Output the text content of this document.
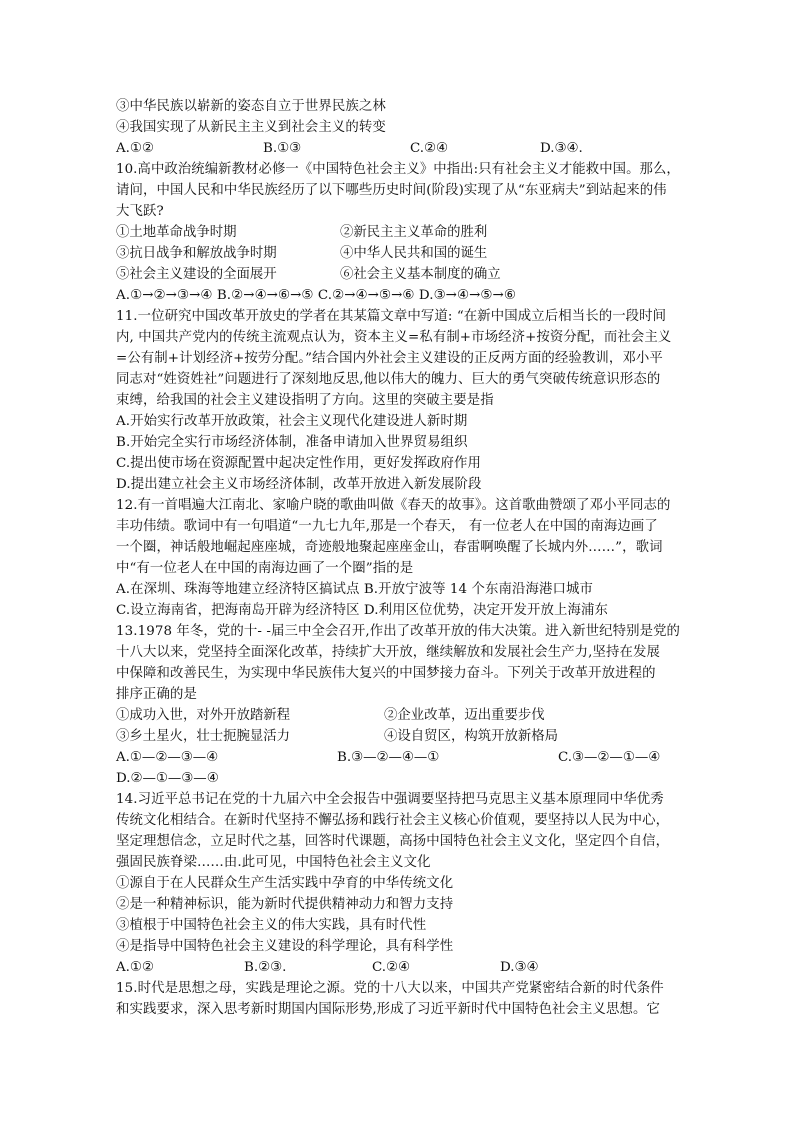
③中华民族以崭新的姿态自立于世界民族之林
④我国实现了从新民主主义到社会主义的转变
A.①②	B.①③	C.②④	D.③④.
10.高中政治统编新教材必修一《中国特色社会主义》中指出:只有社会主义才能救中国。那么，
请问，中国人民和中华民族经历了以下哪些历史时间(阶段)实现了从“东亚病夫”到站起来的伟
大飞跃?
①土地革命战争时期	②新民主主义革命的胜利
③抗日战争和解放战争时期	④中华人民共和国的诞生
⑤社会主义建设的全面展开	⑥社会主义基本制度的确立
A.①→②→③→④ B.②→④→⑥→⑤ C.②→④→⑤→⑥ D.③→④→⑤→⑥
11.一位研究中国改革开放史的学者在其某篇文章中写道: “在新中国成立后相当长的一段时间
内, 中国共产党内的传统主流观点认为，资本主义=私有制+市场经济+按资分配，而社会主义
=公有制+计划经济+按劳分配。”结合国内外社会主义建设的正反两方面的经验教训，邓小平
同志对“姓资姓社”问题进行了深刻地反思,他以伟大的魄力、巨大的勇气突破传统意识形态的
束缚，给我国的社会主义建设指明了方向。这里的突破主要是指
A.开始实行改革开放政策，社会主义现代化建设进人新时期
B.开始完全实行市场经济体制，准备申请加入世界贸易组织
C.提出使市场在资源配置中起决定性作用，更好发挥政府作用
D.提出建立社会主义市场经济体制，改革开放进入新发展阶段
12.有一首唱遍大江南北、家喻户晓的歌曲叫做《春天的故事》。这首歌曲赞颂了邓小平同志的
丰功伟绩。歌词中有一句唱道“一九七九年,那是一个春天， 有一位老人在中国的南海边画了
一个圈，神话般地崛起座座城，奇迹般地聚起座座金山，春雷啊唤醒了长城内外……”，歌词
中“有一位老人在中国的南海边画了一个圈”指的是
A.在深圳、珠海等地建立经济特区搞试点 B.开放宁波等 14 个东南沿海港口城市
C.设立海南省，把海南岛开辟为经济特区 D.利用区位优势，决定开发开放上海浦东
13.1978 年冬，党的十- -届三中全会召开,作出了改革开放的伟大决策。进入新世纪特别是党的
十八大以来，党坚持全面深化改革，持续扩大开放，继续解放和发展社会生产力,坚持在发展
中保障和改善民生，为实现中华民族伟大复兴的中国梦接力奋斗。下列关于改革开放进程的
排序正确的是
①成功入世，对外开放踏新程	②企业改革，迈出重要步伐
③乡土星火，壮士扼腕显活力	④设自贸区，构筑开放新格局
A.①—②—③—④	B.③—②—④—①	C.③—②—①—④
D.②—①—③—④
14.习近平总书记在党的十九届六中全会报告中强调要坚持把马克思主义基本原理同中华优秀
传统文化相结合。在新时代坚持不懈弘扬和践行社会主义核心价值观，要坚持以人民为中心，
坚定理想信念，立足时代之基，回答时代课题，高扬中国特色社会主义文化，坚定四个自信，
强固民族脊梁……由.此可见，中国特色社会主义文化
①源自于在人民群众生产生活实践中孕育的中华传统文化
②是一种精神标识，能为新时代提供精神动力和智力支持
③植根于中国特色社会主义的伟大实践，具有时代性
④是指导中国特色社会主义建设的科学理论，具有科学性
A.①②	B.②③.	C.②④	D.③④
15.时代是思想之母，实践是理论之源。党的十八大以来，中国共产党紧密结合新的时代条件
和实践要求，深入思考新时期国内国际形势,形成了习近平新时代中国特色社会主义思想。它
